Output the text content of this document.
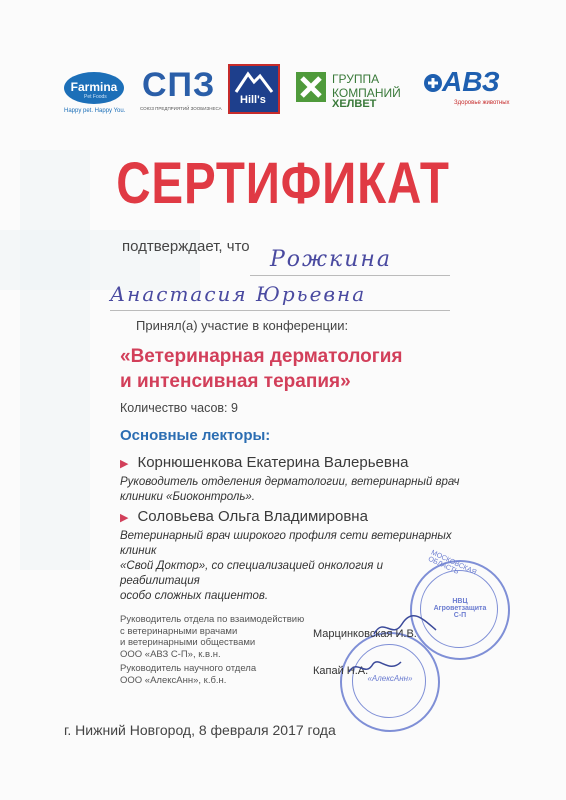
Farmina
Pet Foods
Happy pet. Happy You.
СПЗ
СОЮЗ ПРЕДПРИЯТИЙ ЗООБИЗНЕСА
Hill's
ГРУППА
КОМПАНИЙ
ХЕЛВЕТ
АВЗ
Здоровье животных
СЕРТИФИКАТ
подтверждает, что
Рожкина
Анастасия Юрьевна
Принял(а) участие в конференции:
«Ветеринарная дерматология
и интенсивная терапия»
Количество часов: 9
Основные лекторы:
▶ Корнюшенкова Екатерина Валерьевна
Руководитель отделения дерматологии, ветеринарный врач
клиники «Биоконтроль».
▶ Соловьева Ольга Владимировна
Ветеринарный врач широкого профиля сети ветеринарных клиник
«Свой Доктор», со специализацией онкология и реабилитация
особо сложных пациентов.
Руководитель отдела по взаимодействию
с ветеринарными врачами
и ветеринарными обществами
ООО «АВЗ С-П», к.в.н.
Руководитель научного отдела
ООО «АлексАнн», к.б.н.
МОСКОВСКАЯ ОБЛАСТЬ
НВЦ Агроветзащита С-П
«АлексАнн»
Марцинковская И.В.
Капай Н.А.
г. Нижний Новгород, 8 февраля 2017 года
